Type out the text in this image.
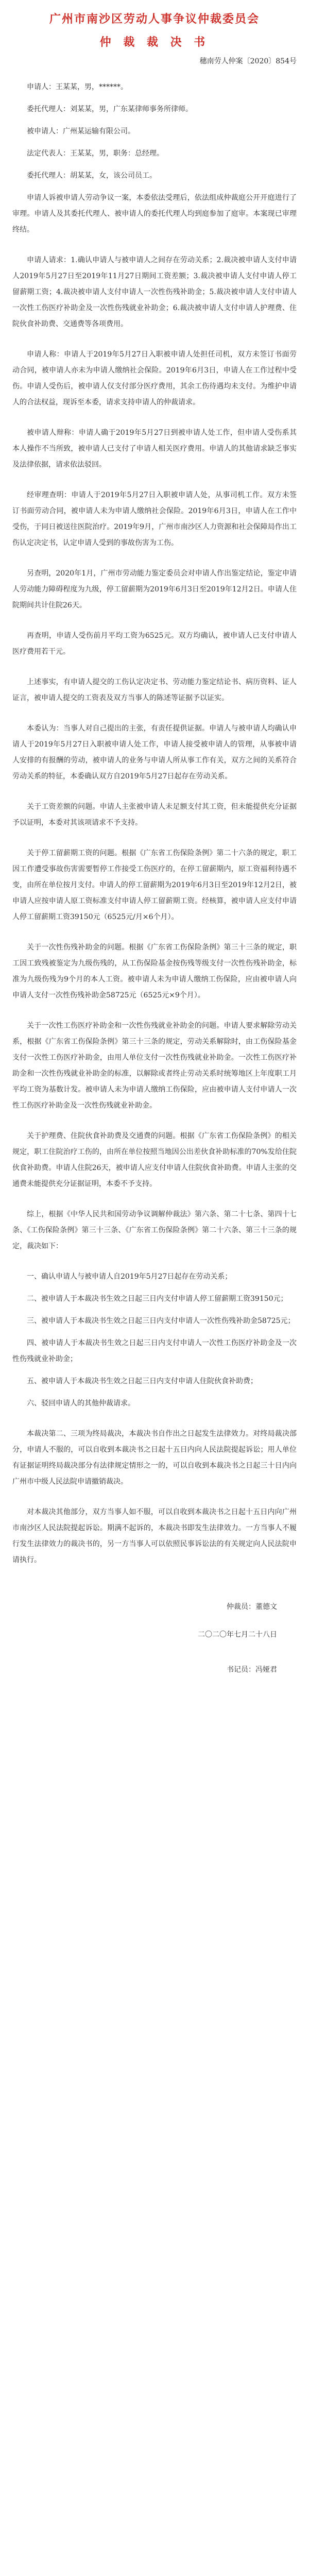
广州市南沙区劳动人事争议仲裁委员会
仲 裁 裁 决 书
穗南劳人仲案〔2020〕854号

申请人：王某某，男，******。

委托代理人：刘某某，男，广东某律师事务所律师。

被申请人：广州某运输有限公司。

法定代表人：王某某，男，职务：总经理。

委托代理人：胡某某，女，该公司员工。

申请人诉被申请人劳动争议一案，本委依法受理后，依法组成仲裁庭公开开庭进行了审理。申请人及其委托代理人、被申请人的委托代理人均到庭参加了庭审。本案现已审理终结。

申请人请求：1.确认申请人与被申请人之间存在劳动关系；2.裁决被申请人支付申请人2019年5月27日至2019年11月27日期间工资差额；3.裁决被申请人支付申请人停工留薪期工资；4.裁决被申请人支付申请人一次性伤残补助金；5.裁决被申请人支付申请人一次性工伤医疗补助金及一次性伤残就业补助金；6.裁决被申请人支付申请人护理费、住院伙食补助费、交通费等各项费用。

申请人称：申请人于2019年5月27日入职被申请人处担任司机，双方未签订书面劳动合同，被申请人亦未为申请人缴纳社会保险。2019年6月3日，申请人在工作过程中受伤。申请人受伤后，被申请人仅支付部分医疗费用，其余工伤待遇均未支付。为维护申请人的合法权益，现诉至本委，请求支持申请人的仲裁请求。

被申请人辩称：申请人确于2019年5月27日到被申请人处工作，但申请人受伤系其本人操作不当所致，被申请人已支付了申请人相关医疗费用。申请人的其他请求缺乏事实及法律依据，请求依法驳回。

经审理查明：申请人于2019年5月27日入职被申请人处，从事司机工作。双方未签订书面劳动合同，被申请人未为申请人缴纳社会保险。2019年6月3日，申请人在工作中受伤，于同日被送往医院治疗。2019年9月，广州市南沙区人力资源和社会保障局作出工伤认定决定书，认定申请人受到的事故伤害为工伤。

另查明，2020年1月，广州市劳动能力鉴定委员会对申请人作出鉴定结论，鉴定申请人劳动能力障碍程度为九级，停工留薪期为2019年6月3日至2019年12月2日。申请人住院期间共计住院26天。

再查明，申请人受伤前月平均工资为6525元。双方均确认，被申请人已支付申请人医疗费用若干元。

上述事实，有申请人提交的工伤认定决定书、劳动能力鉴定结论书、病历资料、证人证言，被申请人提交的工资表及双方当事人的陈述等证据予以证实。

本委认为：当事人对自己提出的主张，有责任提供证据。申请人与被申请人均确认申请人于2019年5月27日入职被申请人处工作，申请人接受被申请人的管理，从事被申请人安排的有报酬的劳动，被申请人的业务与申请人所从事工作有关，双方之间的关系符合劳动关系的特征，本委确认双方自2019年5月27日起存在劳动关系。

关于工资差额的问题。申请人主张被申请人未足额支付其工资，但未能提供充分证据予以证明，本委对其该项请求不予支持。

关于停工留薪期工资的问题。根据《广东省工伤保险条例》第二十六条的规定，职工因工作遭受事故伤害需要暂停工作接受工伤医疗的，在停工留薪期内，原工资福利待遇不变，由所在单位按月支付。申请人的停工留薪期为2019年6月3日至2019年12月2日，被申请人应按申请人原工资标准支付申请人停工留薪期工资。经核算，被申请人应支付申请人停工留薪期工资39150元（6525元/月×6个月）。

关于一次性伤残补助金的问题。根据《广东省工伤保险条例》第三十三条的规定，职工因工致残被鉴定为九级伤残的，从工伤保险基金按伤残等级支付一次性伤残补助金，标准为九级伤残为9个月的本人工资。被申请人未为申请人缴纳工伤保险，应由被申请人向申请人支付一次性伤残补助金58725元（6525元×9个月）。

关于一次性工伤医疗补助金和一次性伤残就业补助金的问题。申请人要求解除劳动关系，根据《广东省工伤保险条例》第三十三条的规定，劳动关系解除时，由工伤保险基金支付一次性工伤医疗补助金，由用人单位支付一次性伤残就业补助金。一次性工伤医疗补助金和一次性伤残就业补助金的标准，以解除或者终止劳动关系时统筹地区上年度职工月平均工资为基数计发。被申请人未为申请人缴纳工伤保险，应由被申请人支付申请人一次性工伤医疗补助金及一次性伤残就业补助金。

关于护理费、住院伙食补助费及交通费的问题。根据《广东省工伤保险条例》的相关规定，职工住院治疗工伤的，由所在单位按照当地因公出差伙食补助标准的70%发给住院伙食补助费。申请人住院26天，被申请人应支付申请人住院伙食补助费。申请人主张的交通费未能提供充分证据证明，本委不予支持。

综上，根据《中华人民共和国劳动争议调解仲裁法》第六条、第二十七条、第四十七条、《工伤保险条例》第三十三条、《广东省工伤保险条例》第二十六条、第三十三条的规定，裁决如下：

一、确认申请人与被申请人自2019年5月27日起存在劳动关系；

二、被申请人于本裁决书生效之日起三日内支付申请人停工留薪期工资39150元；

三、被申请人于本裁决书生效之日起三日内支付申请人一次性伤残补助金58725元；

四、被申请人于本裁决书生效之日起三日内支付申请人一次性工伤医疗补助金及一次性伤残就业补助金；

五、被申请人于本裁决书生效之日起三日内支付申请人住院伙食补助费；

六、驳回申请人的其他仲裁请求。

本裁决第二、三项为终局裁决，本裁决书自作出之日起发生法律效力。对终局裁决部分，申请人不服的，可以自收到本裁决书之日起十五日内向人民法院提起诉讼；用人单位有证据证明终局裁决部分有法律规定情形之一的，可以自收到本裁决书之日起三十日内向广州市中级人民法院申请撤销裁决。

对本裁决其他部分，双方当事人如不服，可以自收到本裁决书之日起十五日内向广州市南沙区人民法院提起诉讼。期满不起诉的，本裁决书即发生法律效力。一方当事人不履行发生法律效力的裁决书的，另一方当事人可以依照民事诉讼法的有关规定向人民法院申请执行。

仲裁员：董德文

二〇二〇年七月二十八日

书记员：冯娅君
